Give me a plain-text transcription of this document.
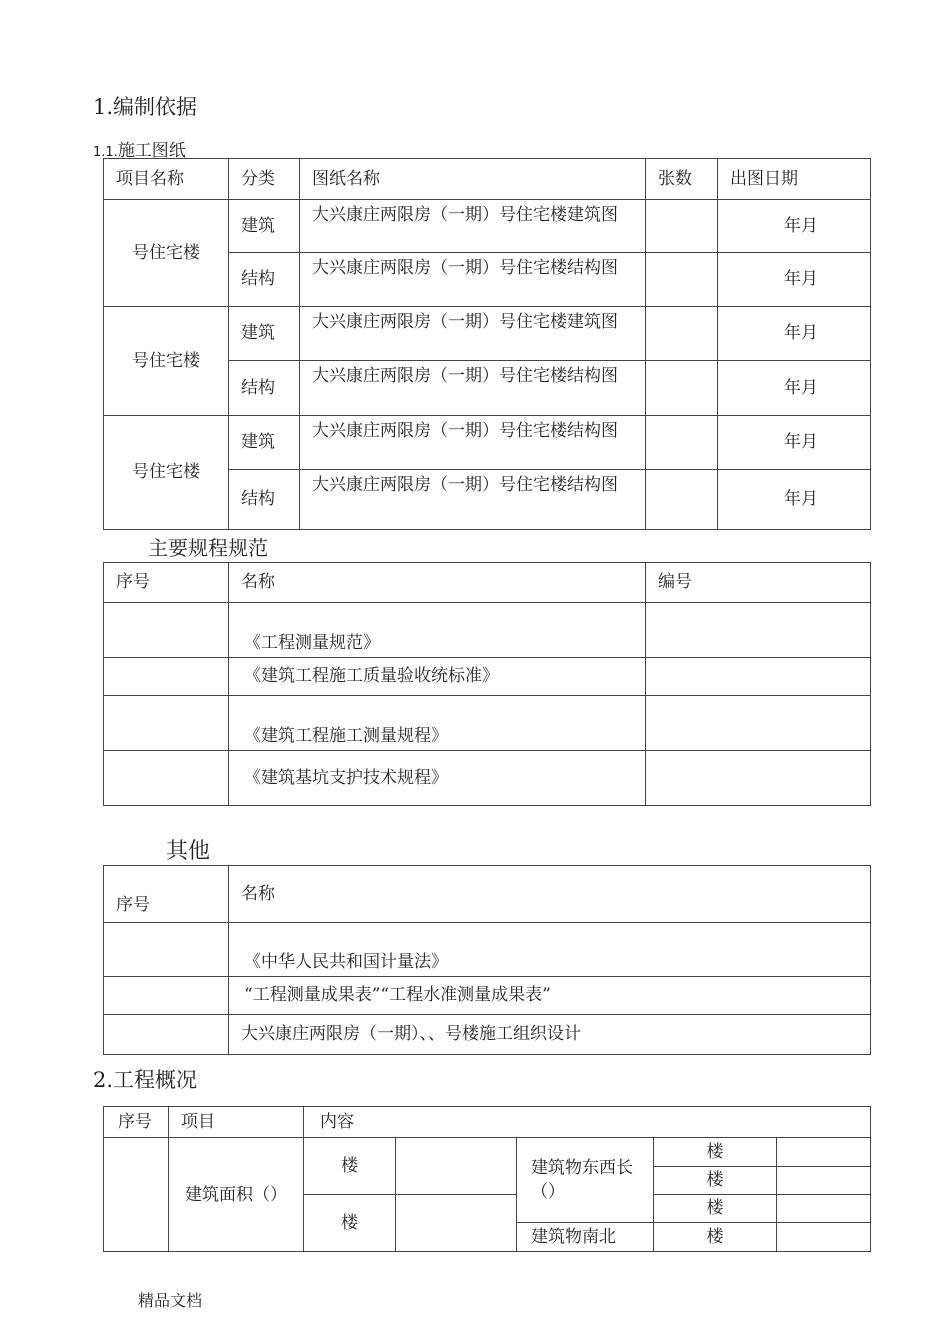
1.编制依据
1.1.施工图纸
项目名称	分类	图纸名称	张数	出图日期
号住宅楼	建筑	大兴康庄两限房（一期）号住宅楼建筑图		年月
	结构	大兴康庄两限房（一期）号住宅楼结构图		年月
号住宅楼	建筑	大兴康庄两限房（一期）号住宅楼建筑图		年月
	结构	大兴康庄两限房（一期）号住宅楼结构图		年月
号住宅楼	建筑	大兴康庄两限房（一期）号住宅楼结构图		年月
	结构	大兴康庄两限房（一期）号住宅楼结构图		年月
主要规程规范
序号	名称	编号
	《工程测量规范》	
	《建筑工程施工质量验收统标准》	
	《建筑工程施工测量规程》	
	《建筑基坑支护技术规程》	
其他
序号	名称
	《中华人民共和国计量法》
	“工程测量成果表”“工程水准测量成果表”
	大兴康庄两限房（一期）、、号楼施工组织设计
2.工程概况
序号	项目	内容				
	建筑面积（）	楼		建筑物东西长（）	楼	
					楼	
		楼			楼	
				建筑物南北	楼	
精品文档
